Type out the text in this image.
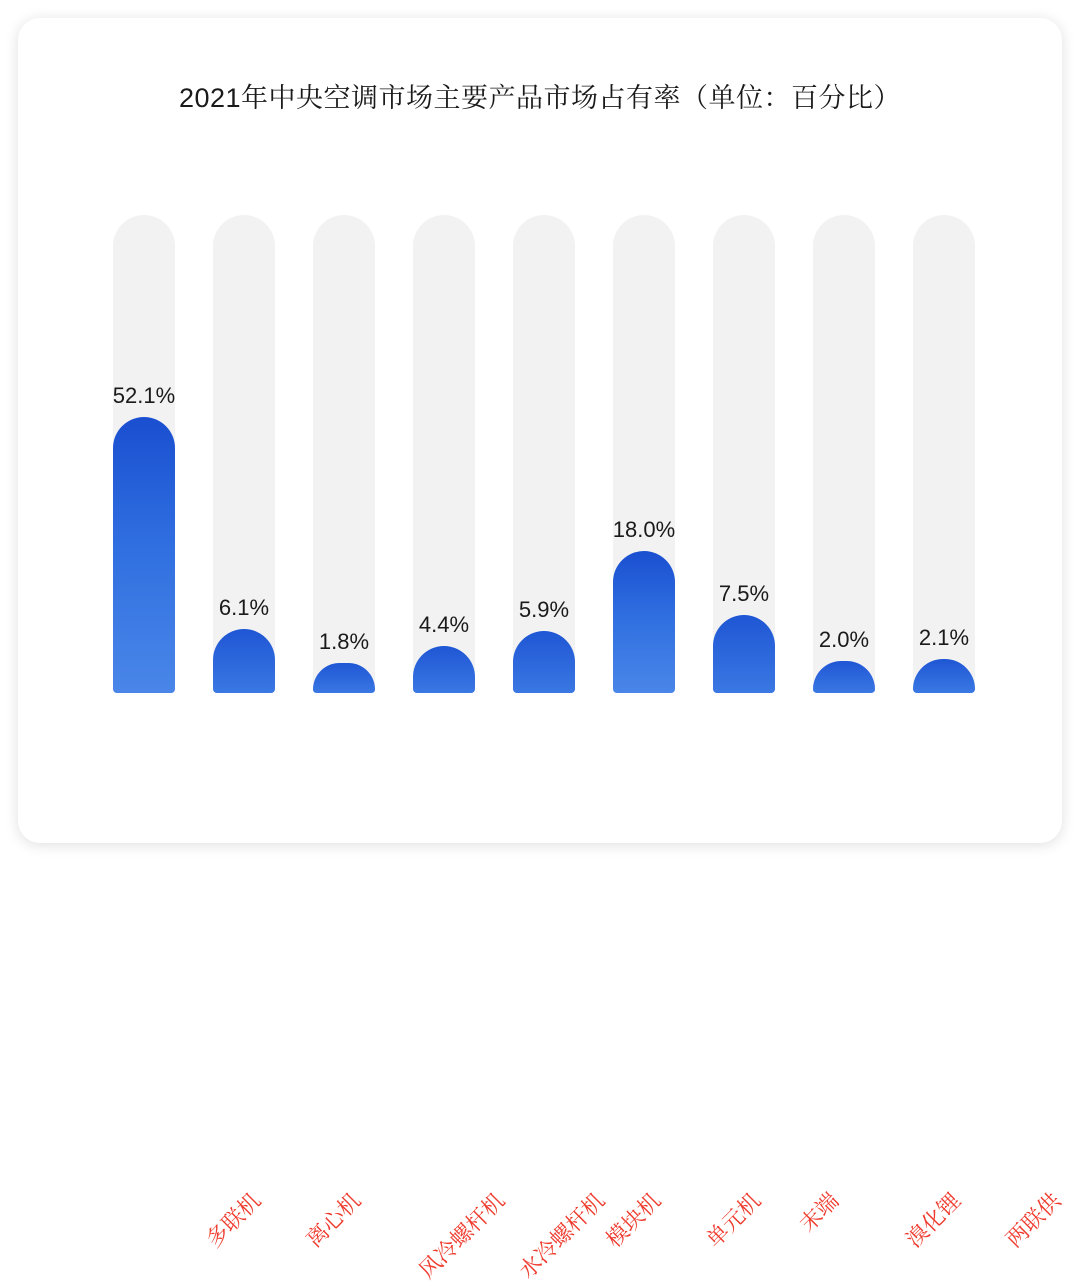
2021年中央空调市场主要产品市场占有率（单位：百分比）
52.1%
多联机
6.1%
离心机
1.8%
风冷螺杆机
4.4%
水冷螺杆机
5.9%
模块机
18.0%
单元机
7.5%
末端
2.0%
溴化锂
2.1%
两联供
